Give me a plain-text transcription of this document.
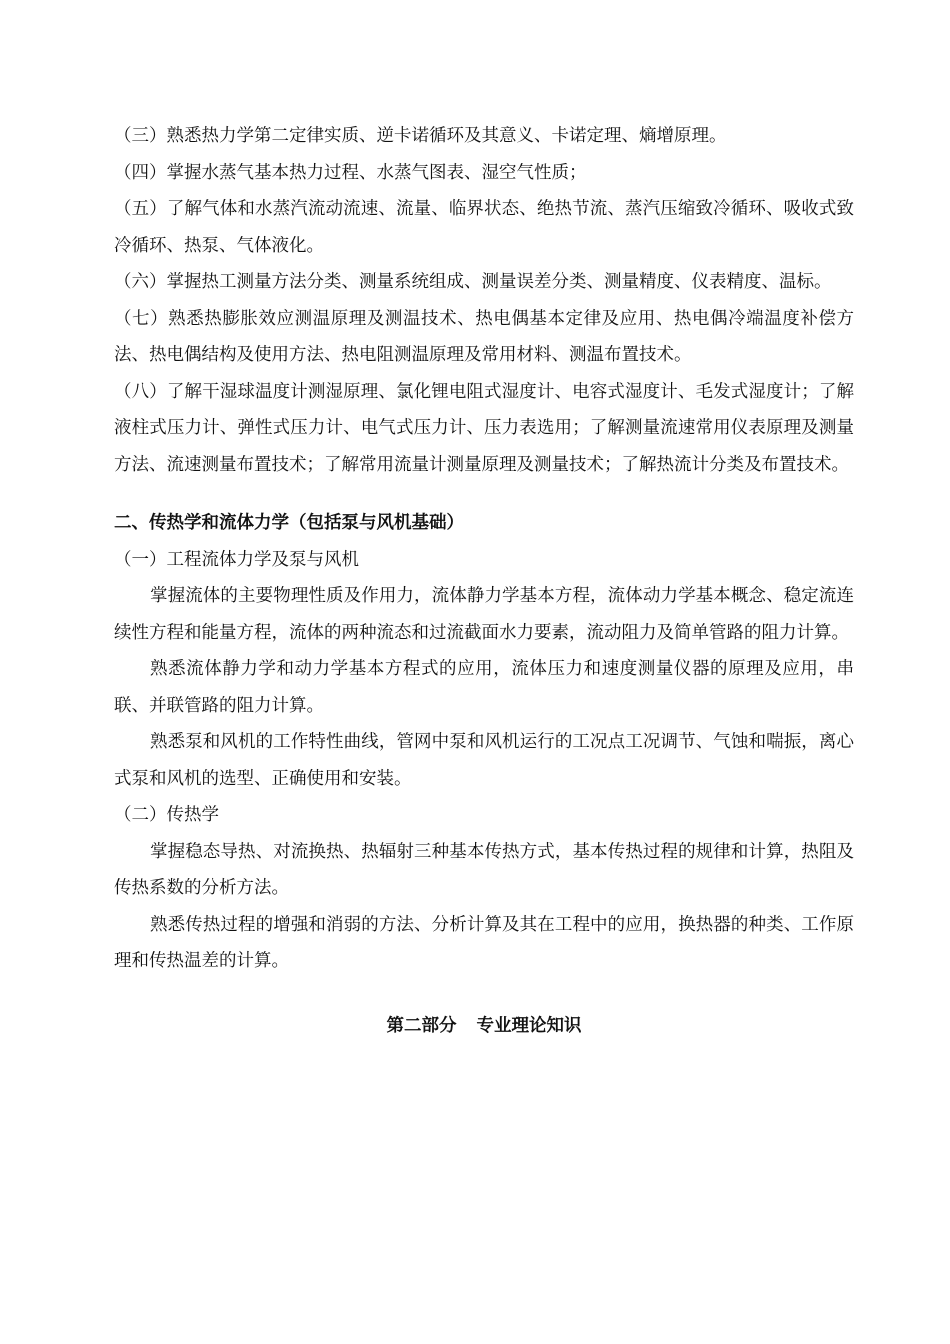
（三）熟悉热力学第二定律实质、逆卡诺循环及其意义、卡诺定理、熵增原理。

（四）掌握水蒸气基本热力过程、水蒸气图表、湿空气性质；

（五）了解气体和水蒸汽流动流速、流量、临界状态、绝热节流、蒸汽压缩致冷循环、吸收式致冷循环、热泵、气体液化。

（六）掌握热工测量方法分类、测量系统组成、测量误差分类、测量精度、仪表精度、温标。

（七）熟悉热膨胀效应测温原理及测温技术、热电偶基本定律及应用、热电偶冷端温度补偿方法、热电偶结构及使用方法、热电阻测温原理及常用材料、测温布置技术。

（八）了解干湿球温度计测湿原理、氯化锂电阻式湿度计、电容式湿度计、毛发式湿度计；了解液柱式压力计、弹性式压力计、电气式压力计、压力表选用；了解测量流速常用仪表原理及测量方法、流速测量布置技术；了解常用流量计测量原理及测量技术；了解热流计分类及布置技术。

二、传热学和流体力学（包括泵与风机基础）

（一）工程流体力学及泵与风机

掌握流体的主要物理性质及作用力，流体静力学基本方程，流体动力学基本概念、稳定流连续性方程和能量方程，流体的两种流态和过流截面水力要素，流动阻力及简单管路的阻力计算。

熟悉流体静力学和动力学基本方程式的应用，流体压力和速度测量仪器的原理及应用，串联、并联管路的阻力计算。

熟悉泵和风机的工作特性曲线，管网中泵和风机运行的工况点工况调节、气蚀和喘振，离心式泵和风机的选型、正确使用和安装。

（二）传热学

掌握稳态导热、对流换热、热辐射三种基本传热方式，基本传热过程的规律和计算，热阻及传热系数的分析方法。

熟悉传热过程的增强和消弱的方法、分析计算及其在工程中的应用，换热器的种类、工作原理和传热温差的计算。

第二部分 专业理论知识
